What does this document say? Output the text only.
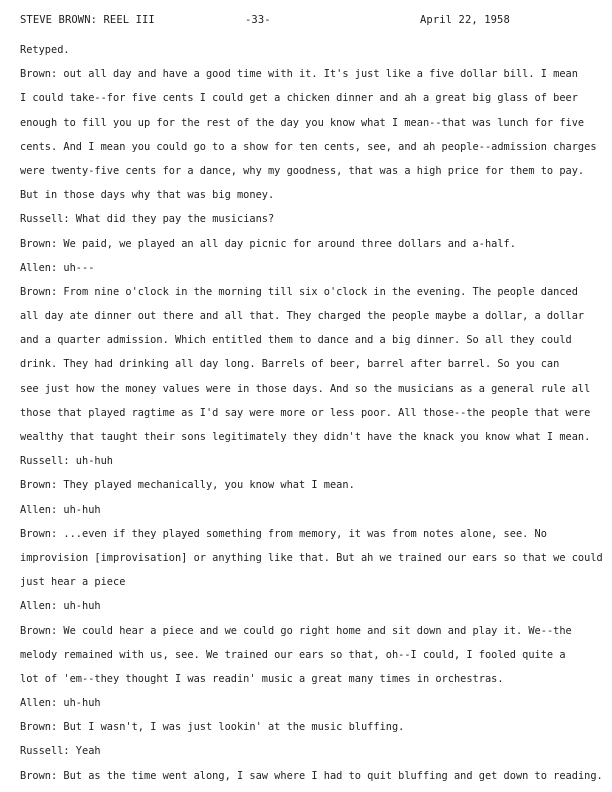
STEVE BROWN: REEL III	-33-	April 22, 1958
Retyped.
Brown: out all day and have a good time with it. It's just like a five dollar bill. I mean
I could take--for five cents I could get a chicken dinner and ah a great big glass of beer
enough to fill you up for the rest of the day you know what I mean--that was lunch for five
cents. And I mean you could go to a show for ten cents, see, and ah people--admission charges
were twenty-five cents for a dance, why my goodness, that was a high price for them to pay.
But in those days why that was big money.
Russell: What did they pay the musicians?
Brown: We paid, we played an all day picnic for around three dollars and a-half.
Allen: uh---
Brown: From nine o'clock in the morning till six o'clock in the evening. The people danced
all day ate dinner out there and all that. They charged the people maybe a dollar, a dollar
and a quarter admission. Which entitled them to dance and a big dinner. So all they could
drink. They had drinking all day long. Barrels of beer, barrel after barrel. So you can
see just how the money values were in those days. And so the musicians as a general rule all
those that played ragtime as I'd say were more or less poor. All those--the people that were
wealthy that taught their sons legitimately they didn't have the knack you know what I mean.
Russell: uh-huh
Brown: They played mechanically, you know what I mean.
Allen: uh-huh
Brown: ...even if they played something from memory, it was from notes alone, see. No
improvision [improvisation] or anything like that. But ah we trained our ears so that we could
just hear a piece
Allen: uh-huh
Brown: We could hear a piece and we could go right home and sit down and play it. We--the
melody remained with us, see. We trained our ears so that, oh--I could, I fooled quite a
lot of 'em--they thought I was readin' music a great many times in orchestras.
Allen: uh-huh
Brown: But I wasn't, I was just lookin' at the music bluffing.
Russell: Yeah
Brown: But as the time went along, I saw where I had to quit bluffing and get down to reading.
